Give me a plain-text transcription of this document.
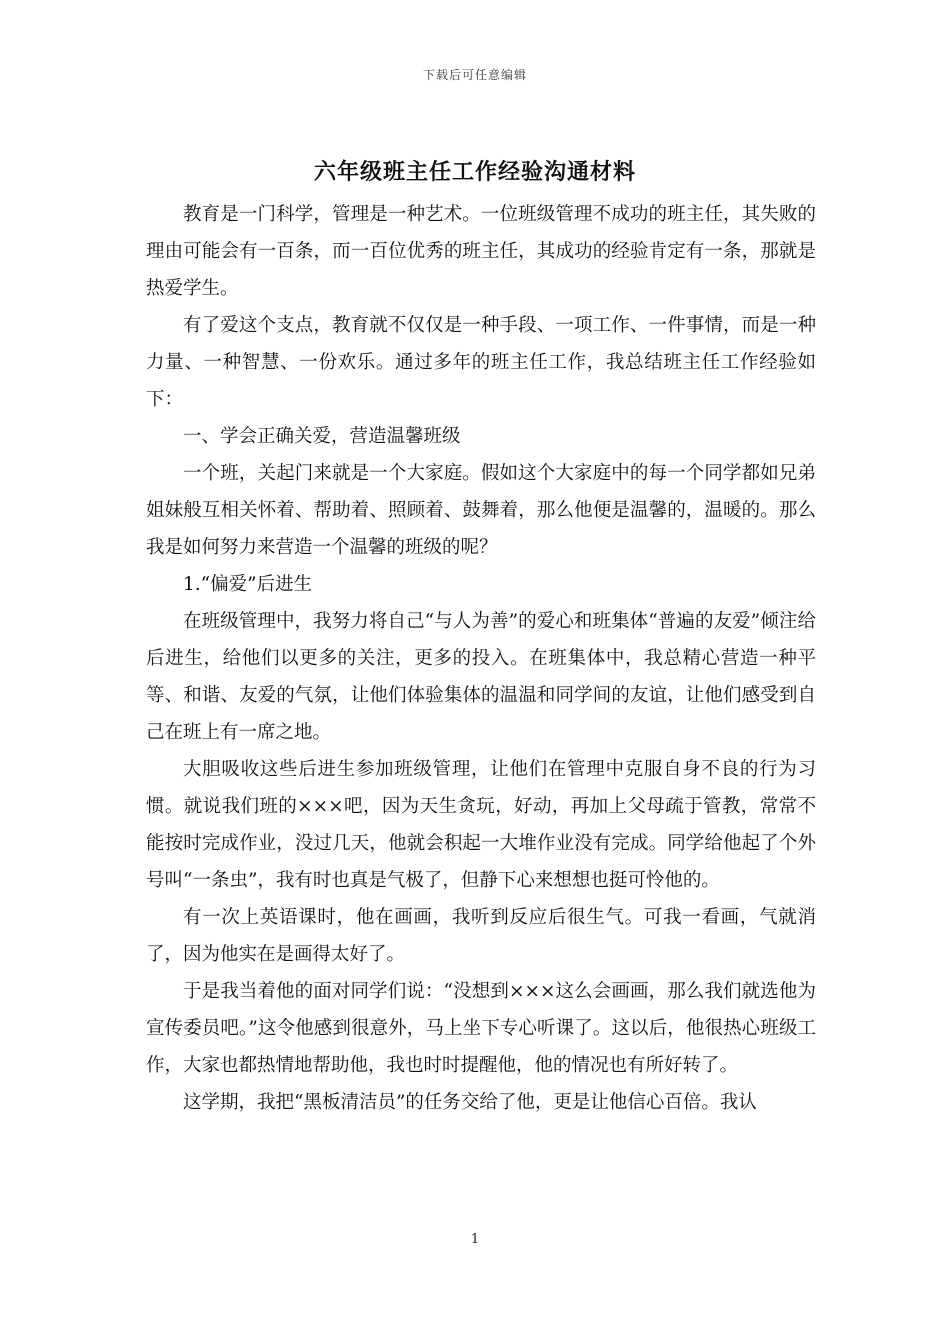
下载后可任意编辑
六年级班主任工作经验沟通材料

教育是一门科学，管理是一种艺术。一位班级管理不成功的班主任，其失败的理由可能会有一百条，而一百位优秀的班主任，其成功的经验肯定有一条，那就是热爱学生。

有了爱这个支点，教育就不仅仅是一种手段、一项工作、一件事情，而是一种力量、一种智慧、一份欢乐。通过多年的班主任工作，我总结班主任工作经验如下：

一、学会正确关爱，营造温馨班级

一个班，关起门来就是一个大家庭。假如这个大家庭中的每一个同学都如兄弟姐妹般互相关怀着、帮助着、照顾着、鼓舞着，那么他便是温馨的，温暖的。那么我是如何努力来营造一个温馨的班级的呢？

1.“偏爱”后进生

在班级管理中，我努力将自己“与人为善”的爱心和班集体“普遍的友爱”倾注给后进生，给他们以更多的关注，更多的投入。在班集体中，我总精心营造一种平等、和谐、友爱的气氛，让他们体验集体的温温和同学间的友谊，让他们感受到自己在班上有一席之地。

大胆吸收这些后进生参加班级管理，让他们在管理中克服自身不良的行为习惯。就说我们班的×××吧，因为天生贪玩，好动，再加上父母疏于管教，常常不能按时完成作业，没过几天，他就会积起一大堆作业没有完成。同学给他起了个外号叫“一条虫”，我有时也真是气极了，但静下心来想想也挺可怜他的。

有一次上英语课时，他在画画，我听到反应后很生气。可我一看画，气就消了，因为他实在是画得太好了。

于是我当着他的面对同学们说：“没想到×××这么会画画，那么我们就选他为宣传委员吧。”这令他感到很意外，马上坐下专心听课了。这以后，他很热心班级工作，大家也都热情地帮助他，我也时时提醒他，他的情况也有所好转了。

这学期，我把“黑板清洁员”的任务交给了他，更是让他信心百倍。我认

1
